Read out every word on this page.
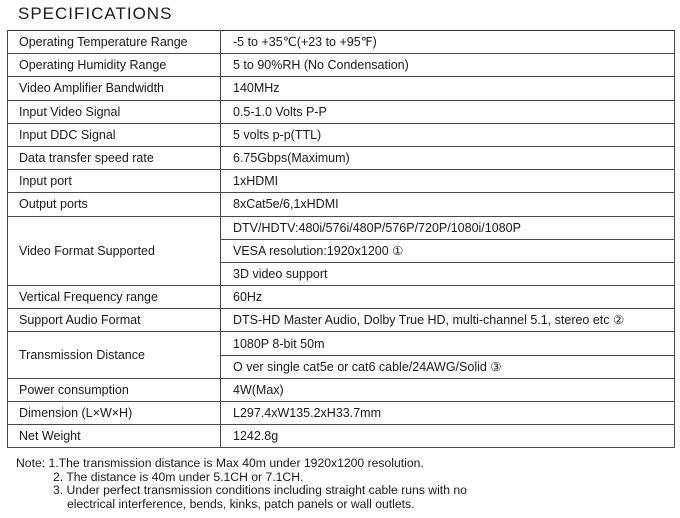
SPECIFICATIONS
Operating Temperature Range	-5 to +35℃(+23 to +95℉)
Operating Humidity Range	5 to 90%RH (No Condensation)
Video Amplifier Bandwidth	140MHz
Input Video Signal	0.5-1.0 Volts P-P
Input DDC Signal	5 volts p-p(TTL)
Data transfer speed rate	6.75Gbps(Maximum)
Input port	1xHDMI
Output ports	8xCat5e/6,1xHDMI
Video Format Supported	DTV/HDTV:480i/576i/480P/576P/720P/1080i/1080P
	VESA resolution:1920x1200 ①
	3D video support
Vertical Frequency range	60Hz
Support Audio Format	DTS-HD Master Audio, Dolby True HD, multi-channel 5.1, stereo etc ②
Transmission Distance	1080P 8-bit 50m
	O ver single cat5e or cat6 cable/24AWG/Solid ③
Power consumption	4W(Max)
Dimension (L×W×H)	L297.4xW135.2xH33.7mm
Net Weight	1242.8g
Note: 1.The transmission distance is Max 40m under 1920x1200 resolution.
2. The distance is 40m under 5.1CH or 7.1CH.
3. Under perfect transmission conditions including straight cable runs with no
electrical interference, bends, kinks, patch panels or wall outlets.
